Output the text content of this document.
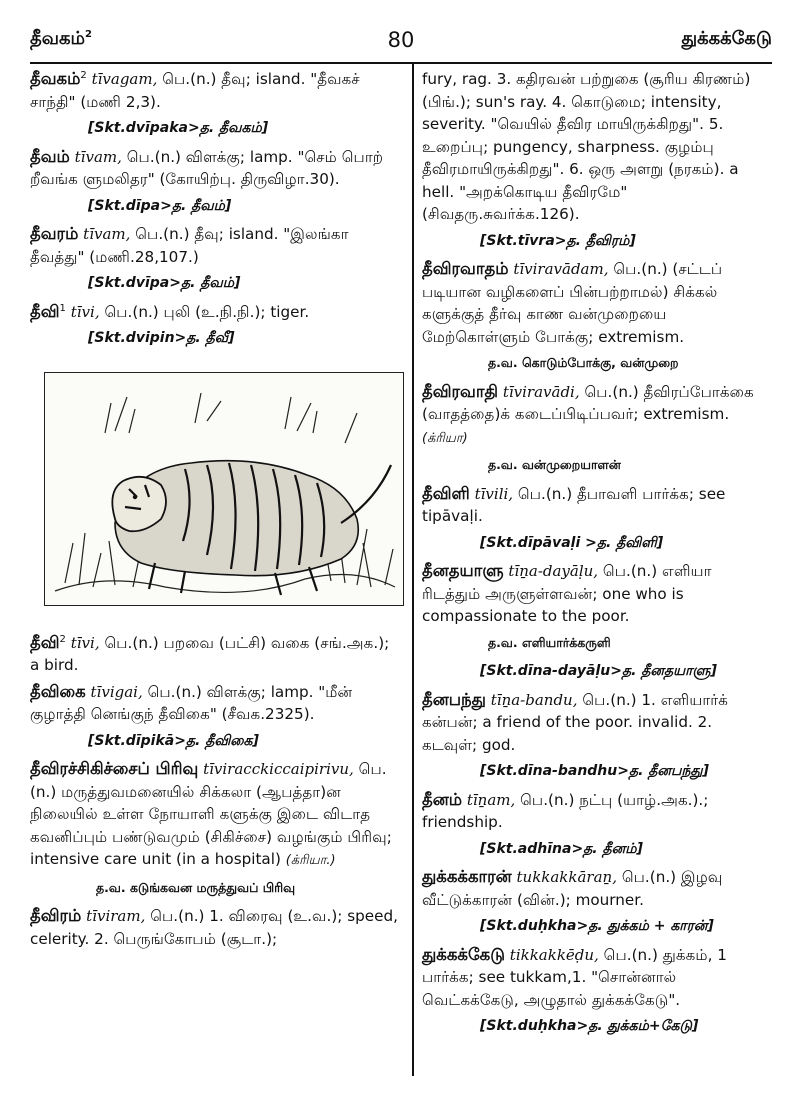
தீவகம்$^2$	80	துக்கக்கேடு
தீவகம்$^2$ tīvagam, பெ.(n.) தீவு; island. "தீவகச் சாந்தி" (மணி 2,3).
[Skt.dvīpaka>த. தீவகம்]
தீவம் tīvam, பெ.(n.) விளக்கு; lamp. "செம் பொற் றீவங்க ளுமலிதர" (கோயிற்பு. திருவிழா.30).
[Skt.dīpa>த. தீவம்]
தீவரம் tīvam, பெ.(n.) தீவு; island. "இலங்கா தீவத்து" (மணி.28,107.)
[Skt.dvīpa>த. தீவம்]
தீவி$^1$ tīvi, பெ.(n.) புலி (உ.நி.நி.); tiger.
[Skt.dvipin>த. தீவீ]
தீவி$^2$ tīvi, பெ.(n.) பறவை (பட்சி) வகை (சங்.அக.); a bird.
தீவிகை tīvigai, பெ.(n.) விளக்கு; lamp. "மீன் குழாத்தி னெங்குந் தீவிகை" (சீவக.2325).
[Skt.dīpikā>த. தீவிகை]
தீவிரச்சிகிச்சைப் பிரிவு tīviracckiccaipirivu, பெ.(n.) மருத்துவமனையில் சிக்கலா (ஆபத்தா)ன நிலையில் உள்ள நோயாளி களுக்கு இடை விடாத கவனிப்பும் பண்டுவமும் (சிகிச்சை) வழங்கும் பிரிவு; intensive care unit (in a hospital) (க்ரியா.)
த.வ. கடுங்கவன மருத்துவப் பிரிவு
தீவிரம் tīviram, பெ.(n.) 1. விரைவு (உ.வ.); speed, celerity. 2. பெருங்கோபம் (சூடா.);
fury, rag. 3. கதிரவன் பற்றுகை (சூரிய கிரணம்) (பிங்.); sun's ray. 4. கொடுமை; intensity, severity. "வெயில் தீவிர மாயிருக்கிறது". 5. உறைப்பு; pungency, sharpness. குழம்பு தீவிரமாயிருக்கிறது". 6. ஒரு அளறு (நரகம்). a hell. "அறக்கொடிய தீவிரமே" (சிவதரு.சுவர்க்க.126).
[Skt.tīvra>த. தீவிரம்]
தீவிரவாதம் tīviravādam, பெ.(n.) (சட்டப் படியான வழிகளைப் பின்பற்றாமல்) சிக்கல் களுக்குத் தீர்வு காண வன்முறையை மேற்கொள்ளும் போக்கு; extremism.
த.வ. கொடும்போக்கு, வன்முறை
தீவிரவாதி tīviravādi, பெ.(n.) தீவிரப்போக்கை (வாதத்தை)க் கடைப்பிடிப்பவர்; extremism. (க்ரியா)
த.வ. வன்முறையாளன்
தீவிளி tīvili, பெ.(n.) தீபாவளி பார்க்க; see tipāvaḷi.
[Skt.dīpāvaḷi >த. தீவிளி]
தீனதயாளு tīṉa-dayāḷu, பெ.(n.) எளியா ரிடத்தும் அருளுள்ளவன்; one who is compassionate to the poor.
த.வ. எளியார்க்கருளி
[Skt.dīna-dayāḷu>த. தீனதயாளு]
தீனபந்து tīṉa-bandu, பெ.(n.) 1. எளியார்க் கன்பன்; a friend of the poor. invalid. 2. கடவுள்; god.
[Skt.dīna-bandhu>த. தீனபந்து]
தீனம் tīṉam, பெ.(n.) நட்பு (யாழ்.அக.).; friendship.
[Skt.adhīna>த. தீனம்]
துக்கக்காரன் tukkakkāraṉ, பெ.(n.) இழவு வீட்டுக்காரன் (வின்.); mourner.
[Skt.duḥkha>த. துக்கம் + காரன்]
துக்கக்கேடு tikkakkēḍu, பெ.(n.) துக்கம், 1 பார்க்க; see tukkam,1. "சொன்னால் வெட்கக்கேடு, அழுதால் துக்கக்கேடு".
[Skt.duḥkha>த. துக்கம்+கேடு]
